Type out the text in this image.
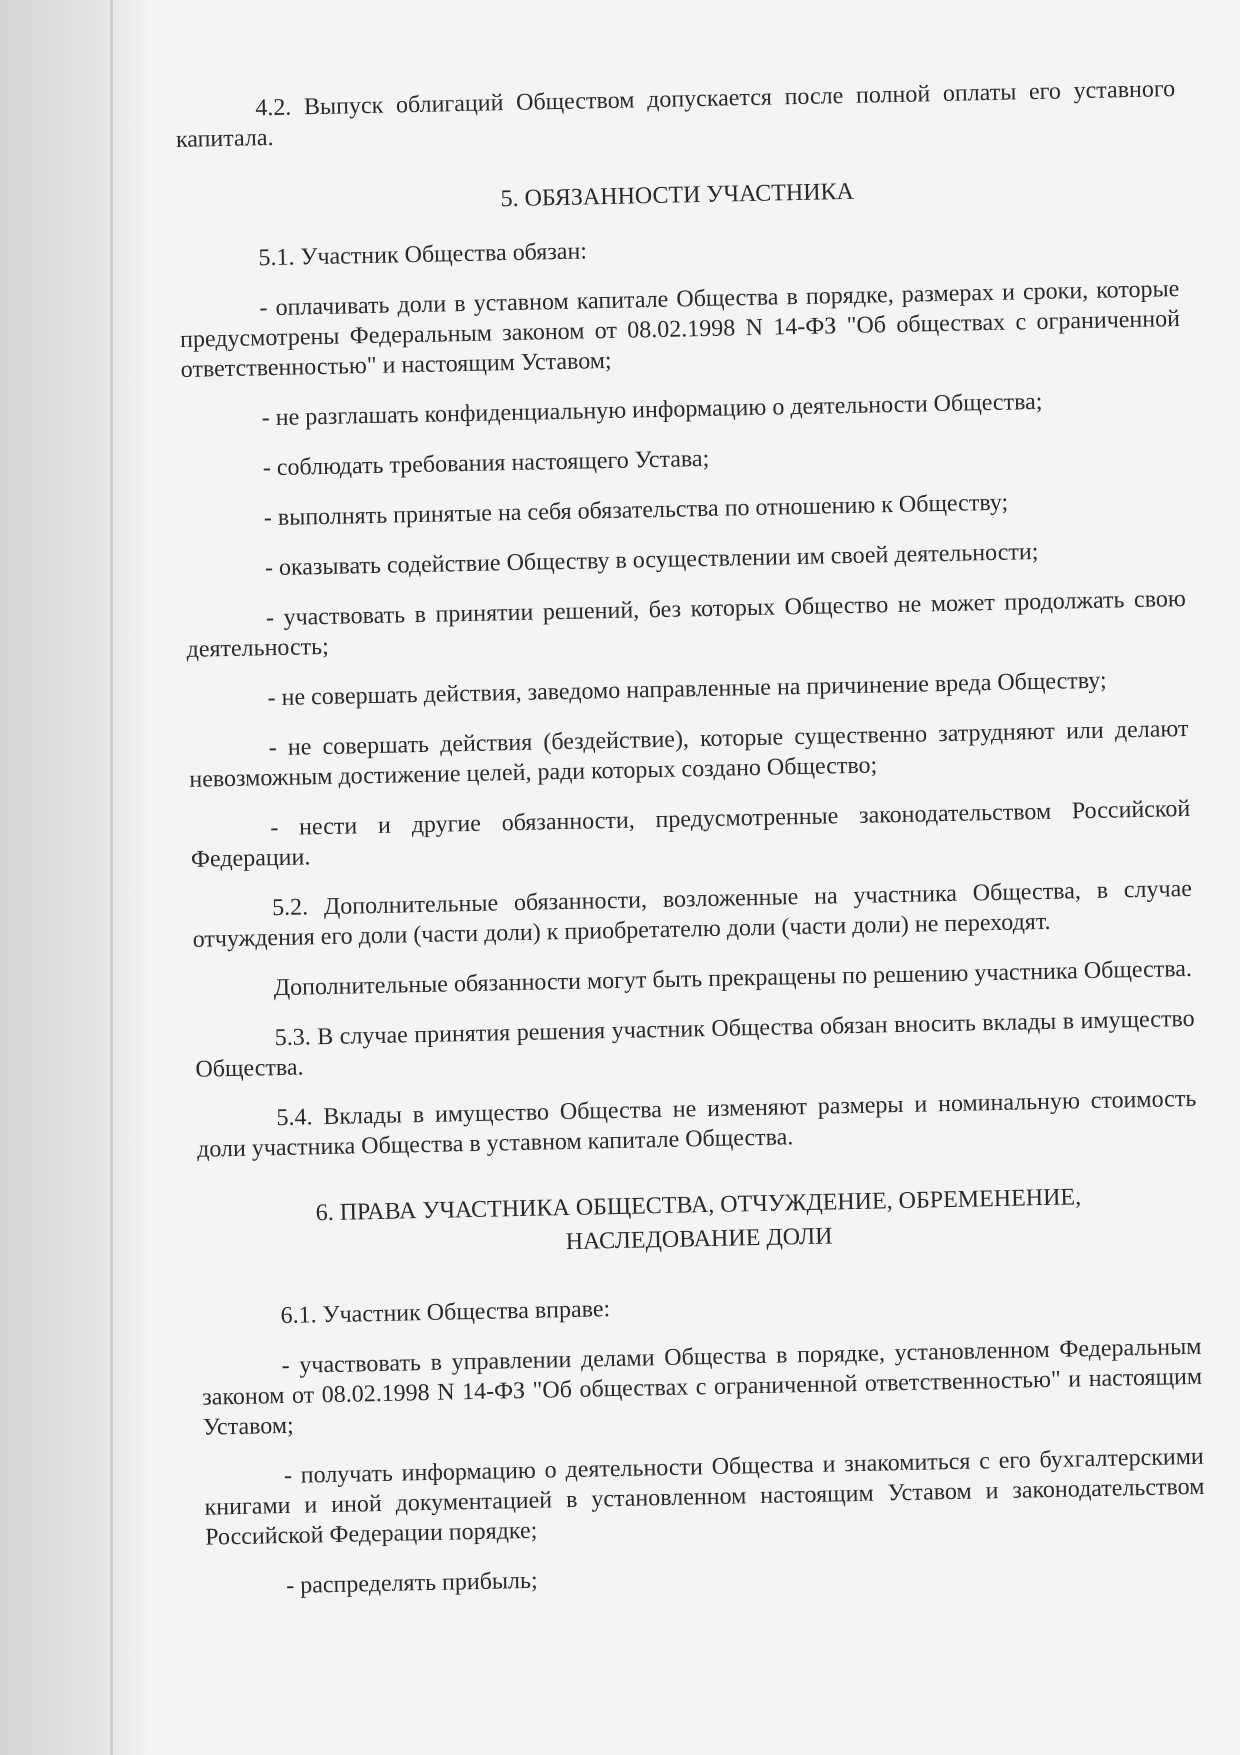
4.2. Выпуск облигаций Обществом допускается после полной оплаты его уставного капитала.

5. ОБЯЗАННОСТИ УЧАСТНИКА

5.1. Участник Общества обязан:

- оплачивать доли в уставном капитале Общества в порядке, размерах и сроки, которые предусмотрены Федеральным законом от 08.02.1998 N 14-ФЗ "Об обществах с ограниченной ответственностью" и настоящим Уставом;

- не разглашать конфиденциальную информацию о деятельности Общества;

- соблюдать требования настоящего Устава;

- выполнять принятые на себя обязательства по отношению к Обществу;

- оказывать содействие Обществу в осуществлении им своей деятельности;

- участвовать в принятии решений, без которых Общество не может продолжать свою деятельность;

- не совершать действия, заведомо направленные на причинение вреда Обществу;

- не совершать действия (бездействие), которые существенно затрудняют или делают невозможным достижение целей, ради которых создано Общество;

- нести и другие обязанности, предусмотренные законодательством Российской Федерации.

5.2. Дополнительные обязанности, возложенные на участника Общества, в случае отчуждения его доли (части доли) к приобретателю доли (части доли) не переходят.

Дополнительные обязанности могут быть прекращены по решению участника Общества.

5.3. В случае принятия решения участник Общества обязан вносить вклады в имущество Общества.

5.4. Вклады в имущество Общества не изменяют размеры и номинальную стоимость доли участника Общества в уставном капитале Общества.

6. ПРАВА УЧАСТНИКА ОБЩЕСТВА, ОТЧУЖДЕНИЕ, ОБРЕМЕНЕНИЕ,
НАСЛЕДОВАНИЕ ДОЛИ

6.1. Участник Общества вправе:

- участвовать в управлении делами Общества в порядке, установленном Федеральным законом от 08.02.1998 N 14-ФЗ "Об обществах с ограниченной ответственностью" и настоящим Уставом;

- получать информацию о деятельности Общества и знакомиться с его бухгалтерскими книгами и иной документацией в установленном настоящим Уставом и законодательством Российской Федерации порядке;

- распределять прибыль;
